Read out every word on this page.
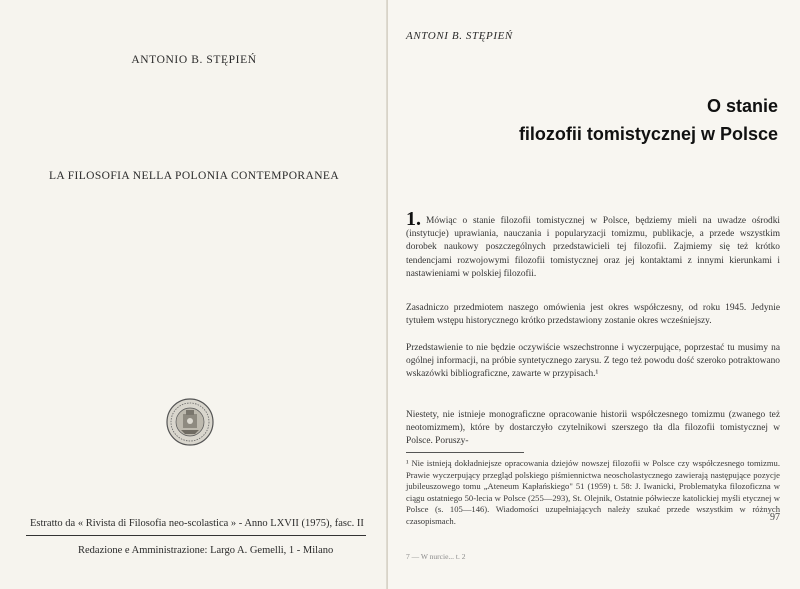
ANTONIO B. STĘPIEŃ
LA FILOSOFIA NELLA POLONIA CONTEMPORANEA
Estratto da « Rivista di Filosofia neo-scolastica » - Anno LXVII (1975), fasc. II
Redazione e Amministrazione: Largo A. Gemelli, 1 - Milano
ANTONI B. STĘPIEŃ
O stanie
filozofii tomistycznej w Polsce
1. Mówiąc o stanie filozofii tomistycznej w Polsce, będziemy mieli na uwadze ośrodki (instytucje) uprawiania, nauczania i popularyzacji tomizmu, publikacje, a przede wszystkim dorobek naukowy poszczególnych przedstawicieli tej filozofii. Zajmiemy się też krótko tendencjami rozwojowymi filozofii tomistycznej oraz jej kontaktami z innymi kierunkami i nastawieniami w polskiej filozofii.
Zasadniczo przedmiotem naszego omówienia jest okres współczesny, od roku 1945. Jedynie tytułem wstępu historycznego krótko przedstawiony zostanie okres wcześniejszy.
Przedstawienie to nie będzie oczywiście wszechstronne i wyczerpujące, poprzestać tu musimy na ogólnej informacji, na próbie syntetycznego zarysu. Z tego też powodu dość szeroko potraktowano wskazówki bibliograficzne, zawarte w przypisach.¹
Niestety, nie istnieje monograficzne opracowanie historii współczesnego tomizmu (zwanego też neotomizmem), które by dostarczyło czytelnikowi szerszego tła dla filozofii tomistycznej w Polsce. Poruszy-
¹ Nie istnieją dokładniejsze opracowania dziejów nowszej filozofii w Polsce czy współczesnego tomizmu. Prawie wyczerpujący przegląd polskiego piśmiennictwa neoscholastycznego zawierają następujące pozycje jubileuszowego tomu „Ateneum Kapłańskiego" 51 (1959) t. 58: J. Iwanicki, Problematyka filozoficzna w ciągu ostatniego 50-lecia w Polsce (255—293), St. Olejnik, Ostatnie półwiecze katolickiej myśli etycznej w Polsce (s. 105—146). Wiadomości uzupełniających należy szukać przede wszystkim w różnych czasopismach.	97
7 — W nurcie... t. 2
